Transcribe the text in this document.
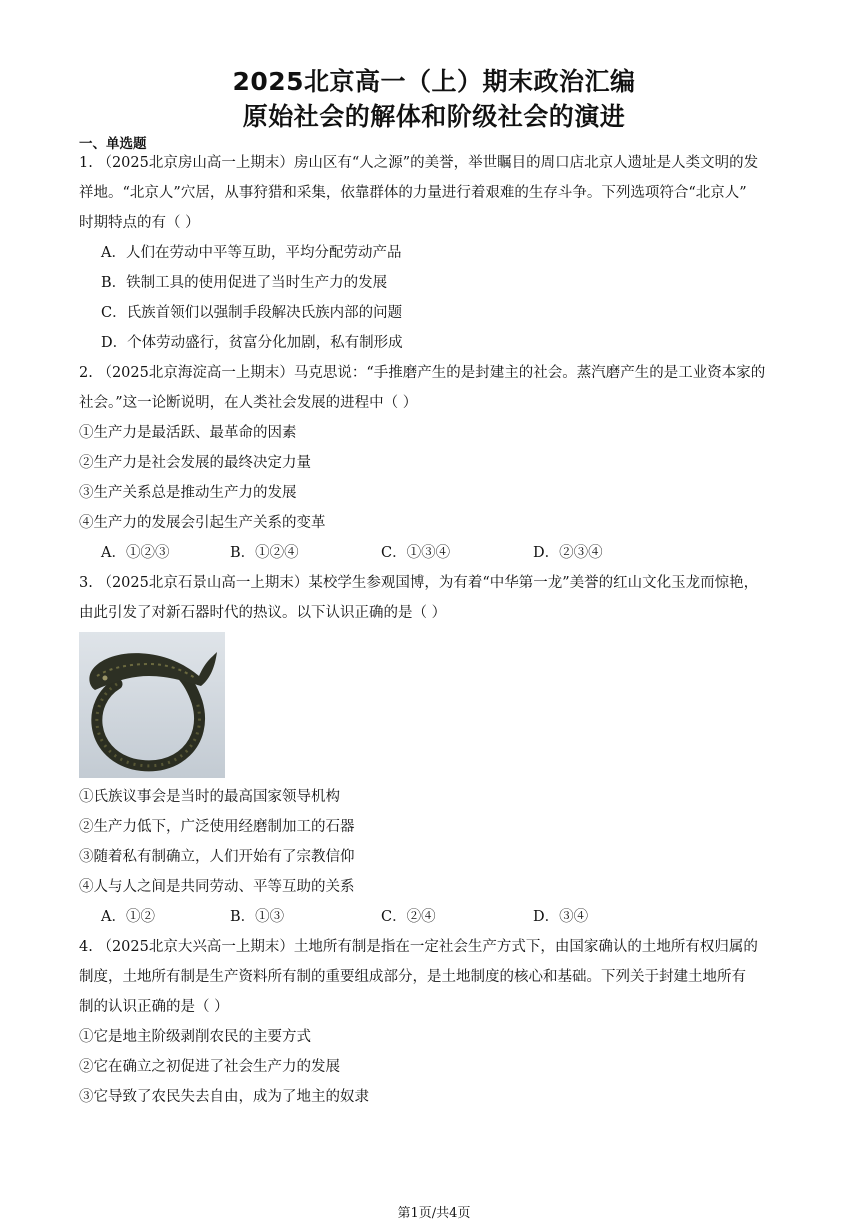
2025北京高一（上）期末政治汇编
原始社会的解体和阶级社会的演进
一、单选题
1. （2025北京房山高一上期末）房山区有“人之源”的美誉，举世瞩目的周口店北京人遗址是人类文明的发
祥地。“北京人”穴居，从事狩猎和采集，依靠群体的力量进行着艰难的生存斗争。下列选项符合“北京人”
时期特点的有（ ）
A．人们在劳动中平等互助，平均分配劳动产品
B．铁制工具的使用促进了当时生产力的发展
C．氏族首领们以强制手段解决氏族内部的问题
D．个体劳动盛行，贫富分化加剧，私有制形成
2. （2025北京海淀高一上期末）马克思说：“手推磨产生的是封建主的社会。蒸汽磨产生的是工业资本家的
社会。”这一论断说明，在人类社会发展的进程中（ ）
①生产力是最活跃、最革命的因素
②生产力是社会发展的最终决定力量
③生产关系总是推动生产力的发展
④生产力的发展会引起生产关系的变革
A．①②③	B．①②④	C．①③④	D．②③④
3. （2025北京石景山高一上期末）某校学生参观国博，为有着“中华第一龙”美誉的红山文化玉龙而惊艳，
由此引发了对新石器时代的热议。以下认识正确的是（ ）
①氏族议事会是当时的最高国家领导机构
②生产力低下，广泛使用经磨制加工的石器
③随着私有制确立，人们开始有了宗教信仰
④人与人之间是共同劳动、平等互助的关系
A．①②	B．①③	C．②④	D．③④
4. （2025北京大兴高一上期末）土地所有制是指在一定社会生产方式下，由国家确认的土地所有权归属的
制度，土地所有制是生产资料所有制的重要组成部分，是土地制度的核心和基础。下列关于封建土地所有
制的认识正确的是（ ）
①它是地主阶级剥削农民的主要方式
②它在确立之初促进了社会生产力的发展
③它导致了农民失去自由，成为了地主的奴隶
第1页/共4页
